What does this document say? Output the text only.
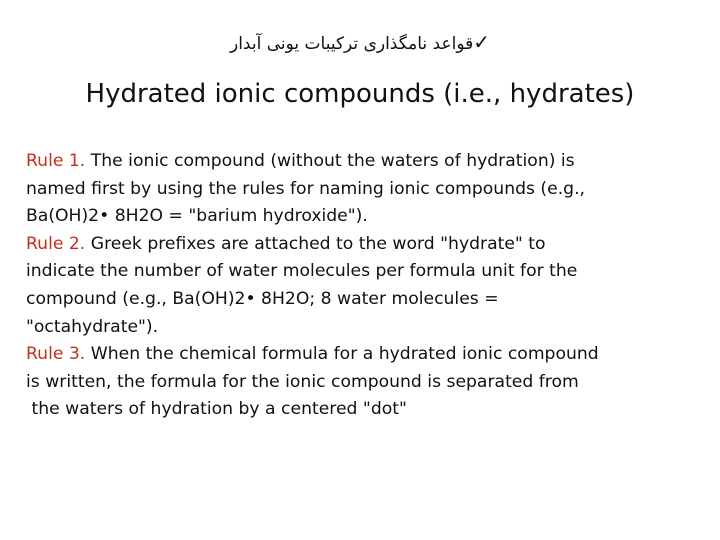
✓قواعد نامگذاری ترکیبات یونی آبدار
Hydrated ionic compounds (i.e., hydrates)
Rule 1. The ionic compound (without the waters of hydration) is
named first by using the rules for naming ionic compounds (e.g.,
Ba(OH)2• 8H2O = "barium hydroxide").
Rule 2. Greek prefixes are attached to the word "hydrate" to
indicate the number of water molecules per formula unit for the
compound (e.g., Ba(OH)2• 8H2O; 8 water molecules =
"octahydrate").
Rule 3. When the chemical formula for a hydrated ionic compound
is written, the formula for the ionic compound is separated from
the waters of hydration by a centered "dot"
